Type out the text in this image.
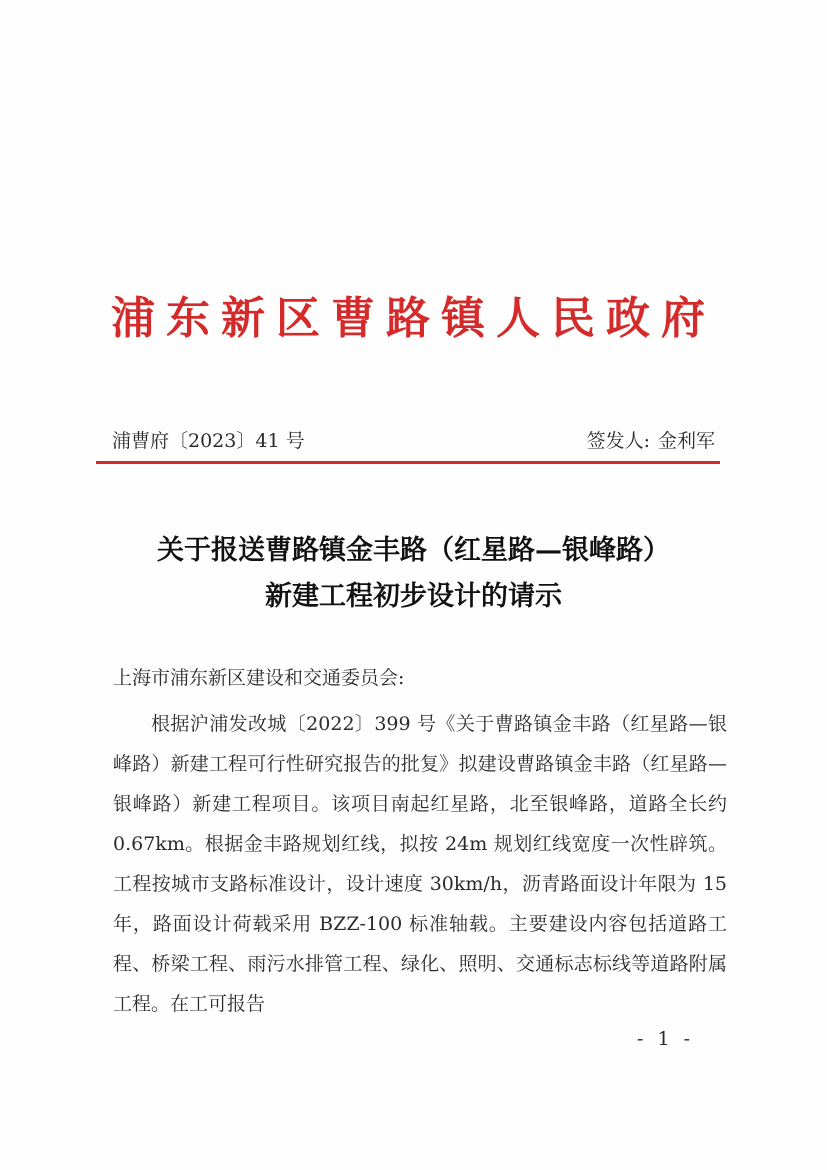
浦东新区曹路镇人民政府
浦曹府〔2023〕41 号	签发人: 金利军
关于报送曹路镇金丰路（红星路—银峰路）
新建工程初步设计的请示
上海市浦东新区建设和交通委员会:

根据沪浦发改城〔2022〕399 号《关于曹路镇金丰路（红星路—银峰路）新建工程可行性研究报告的批复》拟建设曹路镇金丰路（红星路—银峰路）新建工程项目。该项目南起红星路，北至银峰路，道路全长约 0.67km。根据金丰路规划红线，拟按 24m 规划红线宽度一次性辟筑。工程按城市支路标准设计，设计速度 30km/h，沥青路面设计年限为 15 年，路面设计荷载采用 BZZ-100 标准轴载。主要建设内容包括道路工程、桥梁工程、雨污水排管工程、绿化、照明、交通标志标线等道路附属工程。在工可报告

- 1 -
